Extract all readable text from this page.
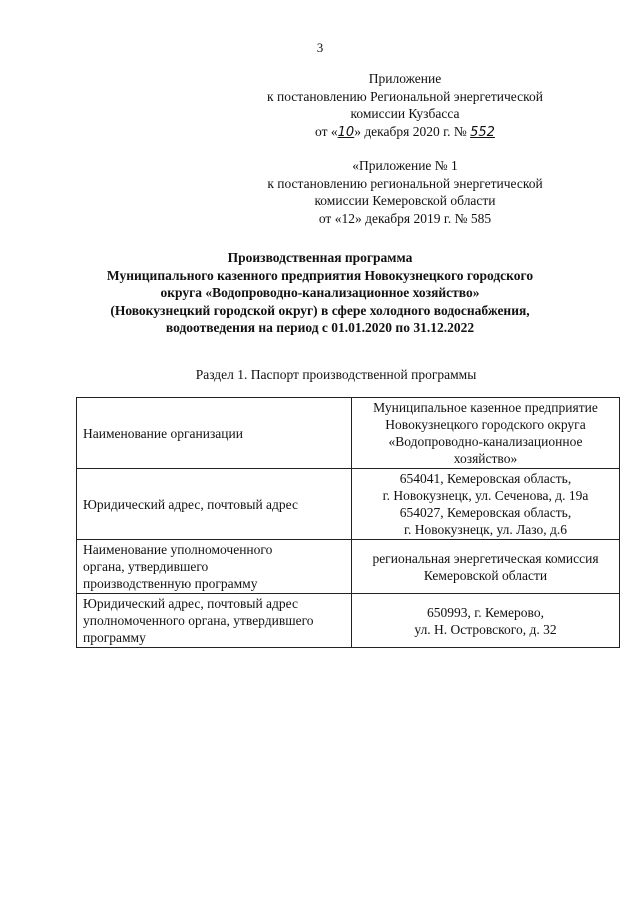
3
Приложение
к постановлению Региональной энергетической
комиссии Кузбасса
от «10» декабря 2020 г. № 552
«Приложение № 1
к постановлению региональной энергетической
комиссии Кемеровской области
от «12» декабря 2019 г. № 585
Производственная программа
Муниципального казенного предприятия Новокузнецкого городского
округа «Водопроводно-канализационное хозяйство»
(Новокузнецкий городской округ) в сфере холодного водоснабжения,
водоотведения на период с 01.01.2020 по 31.12.2022
Раздел 1. Паспорт производственной программы
Наименование организации	Муниципальное казенное предприятие
Новокузнецкого городского округа
«Водопроводно-канализационное
хозяйство»

Юридический адрес, почтовый адрес	654041, Кемеровская область,
г. Новокузнецк, ул. Сеченова, д. 19а
654027, Кемеровская область,
г. Новокузнецк, ул. Лазо, д.6

Наименование уполномоченного
органа, утвердившего
производственную программу	региональная энергетическая комиссия
Кемеровской области

Юридический адрес, почтовый адрес
уполномоченного органа, утвердившего
программу	650993, г. Кемерово,
ул. Н. Островского, д. 32
